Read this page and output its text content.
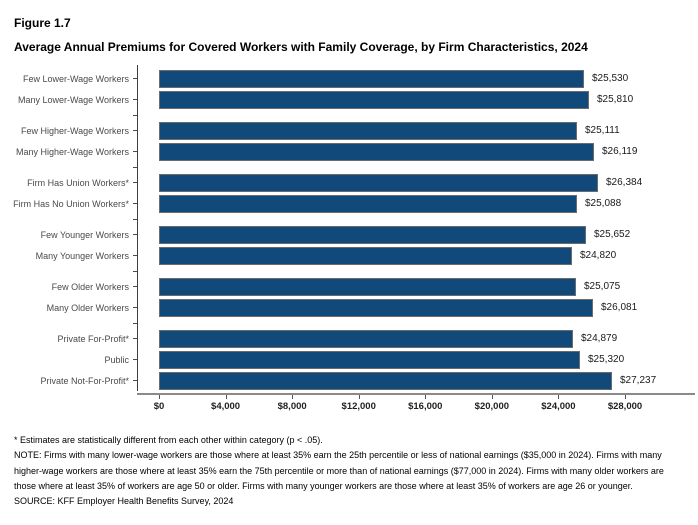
Figure 1.7

Average Annual Premiums for Covered Workers with Family Coverage, by Firm Characteristics, 2024

Few Lower-Wage Workers	$25,530
Many Lower-Wage Workers	$25,810
Few Higher-Wage Workers	$25,111
Many Higher-Wage Workers	$26,119
Firm Has Union Workers*	$26,384
Firm Has No Union Workers*	$25,088
Few Younger Workers	$25,652
Many Younger Workers	$24,820
Few Older Workers	$25,075
Many Older Workers	$26,081
Private For-Profit*	$24,879
Public	$25,320
Private Not-For-Profit*	$27,237
$0	$4,000	$8,000	$12,000	$16,000	$20,000	$24,000	$28,000

* Estimates are statistically different from each other within category (p < .05).

NOTE: Firms with many lower-wage workers are those where at least 35% earn the 25th percentile or less of national earnings ($35,000 in 2024). Firms with many higher-wage workers are those where at least 35% earn the 75th percentile or more than of national earnings ($77,000 in 2024). Firms with many older workers are those where at least 35% of workers are age 50 or older. Firms with many younger workers are those where at least 35% of workers are age 26 or younger.

SOURCE: KFF Employer Health Benefits Survey, 2024
